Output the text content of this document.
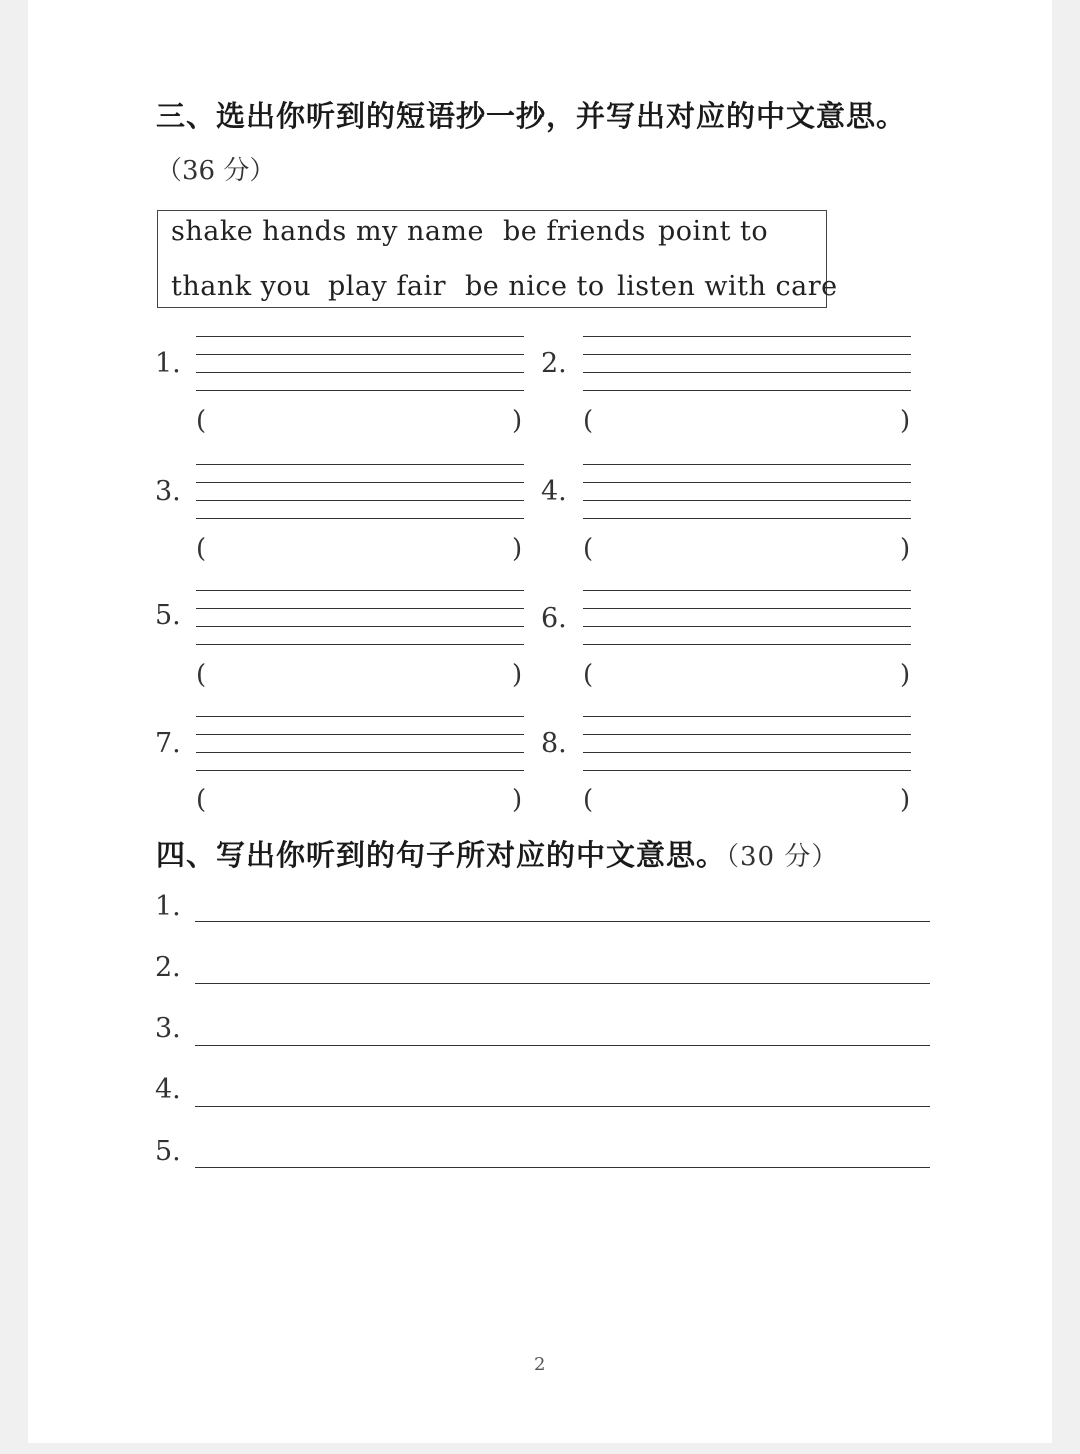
三、选出你听到的短语抄一抄，并写出对应的中文意思。
（36 分）
shake hands my name be friends point to
thank you play fair be nice to listen with care
1.
(	)
2.
(	)
3.
(	)
4.
(	)
5.
(	)
6.
(	)
7.
(	)
8.
(	)
四、写出你听到的句子所对应的中文意思。（30 分）
1.
2.
3.
4.
5.
